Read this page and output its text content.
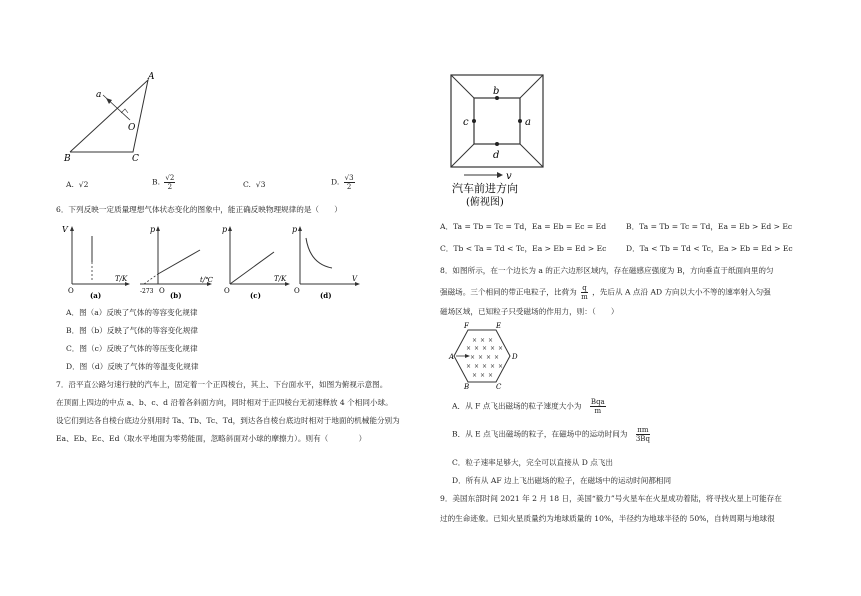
A
a
O
B	C
A. √2	B. $\frac{√2}{2}$	C. √3	D. $\frac{√3}{2}$
6．下列反映一定质量理想气体状态变化的图象中，能正确反映物理规律的是（　　）
V
O
T/K
(a)
p
-273 O
t/℃
(b)
p
O
T/K
(c)
p
O
V
(d)
A．图（a）反映了气体的等容变化规律
B．图（b）反映了气体的等容变化规律
C．图（c）反映了气体的等压变化规律
D．图（d）反映了气体的等温变化规律
7．沿平直公路匀速行驶的汽车上，固定着一个正四棱台，其上、下台面水平，如图为俯视示意图。
在顶面上四边的中点 a、b、c、d 沿着各斜面方向，同时相对于正四棱台无初速释放 4 个相同小球。
设它们到达各自棱台底边分别用时 Ta、Tb、Tc、Td，到达各自棱台底边时相对于地面的机械能分别为
Ea、Eb、Ec、Ed（取水平地面为零势能面，忽略斜面对小球的摩擦力）。则有（　　　　）
b
c	a
d
v
汽车前进方向
(俯视图)
A．Ta = Tb = Tc = Td，Ea = Eb = Ec = Ed	B．Ta = Tb = Tc = Td，Ea = Eb > Ed > Ec
C．Tb < Ta = Td < Tc，Ea > Eb = Ed > Ec	D．Ta < Tb = Td < Tc，Ea > Eb = Ed > Ec
8．如图所示，在一个边长为 a 的正六边形区域内，存在磁感应强度为 B，方向垂直于纸面向里的匀
强磁场。三个相同的带正电粒子，比荷为 $\frac{q}{m}$ ，先后从 A 点沿 AD 方向以大小不等的速率射入匀强
磁场区域，已知粒子只受磁场的作用力，则：（　　）
× × ×
× × × × ×
× × × ×
× × × × ×
× × ×
F	E
A	D
B	C
A．从 F 点飞出磁场的粒子速度大小为 $\frac{\text{Bqa}}{m}$
B．从 E 点飞出磁场的粒子，在磁场中的运动时间为 $\frac{\pi m}{3Bq}$
C．粒子速率足够大，完全可以直接从 D 点飞出
D．所有从 AF 边上飞出磁场的粒子，在磁场中的运动时间都相同
9．美国东部时间 2021 年 2 月 18 日，美国“毅力”号火星车在火星成功着陆，将寻找火星上可能存在
过的生命迹象。已知火星质量约为地球质量的 10%，半径约为地球半径的 50%，自转周期与地球很
